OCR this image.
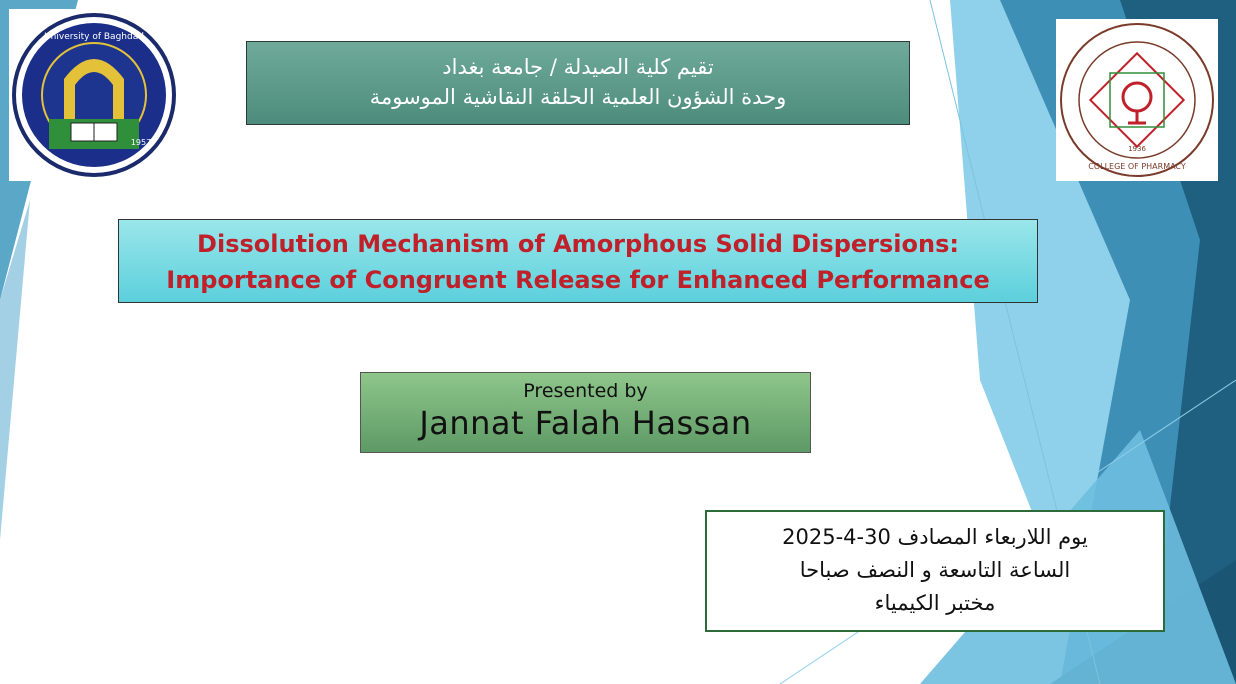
University of Baghdad
1957
COLLEGE OF PHARMACY
1936
تقيم كلية الصيدلة / جامعة بغداد
وحدة الشؤون العلمية الحلقة النقاشية الموسومة
Dissolution Mechanism of Amorphous Solid Dispersions:
Importance of Congruent Release for Enhanced Performance
Presented by
Jannat Falah Hassan
يوم اللاربعاء المصادف 30-4-2025
الساعة التاسعة و النصف صباحا
مختبر الكيمياء
